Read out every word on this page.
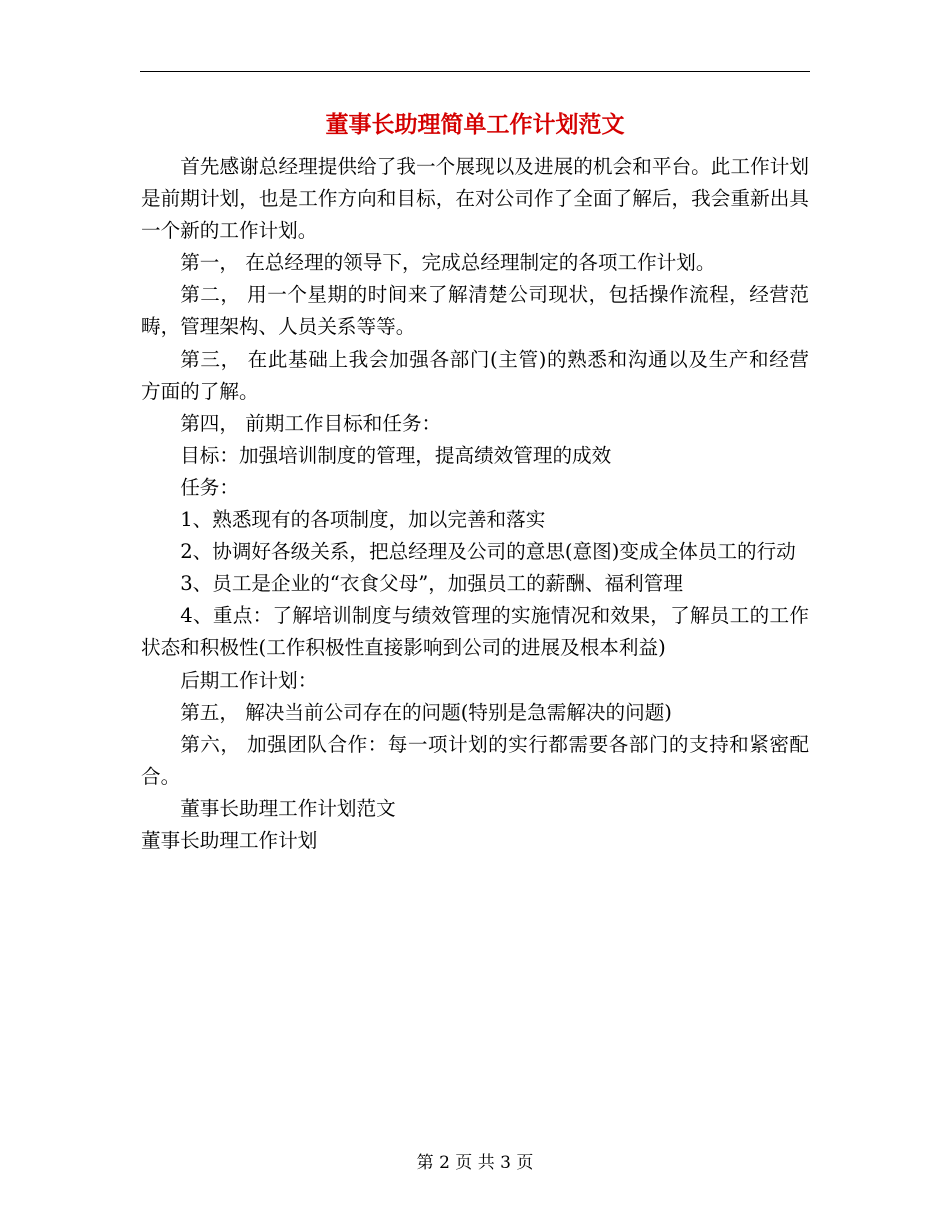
董事长助理简单工作计划范文

首先感谢总经理提供给了我一个展现以及进展的机会和平台。此工作计划是前期计划，也是工作方向和目标，在对公司作了全面了解后，我会重新出具一个新的工作计划。

第一， 在总经理的领导下，完成总经理制定的各项工作计划。

第二， 用一个星期的时间来了解清楚公司现状，包括操作流程，经营范畴，管理架构、人员关系等等。

第三， 在此基础上我会加强各部门(主管)的熟悉和沟通以及生产和经营方面的了解。

第四， 前期工作目标和任务：

目标：加强培训制度的管理，提高绩效管理的成效

任务：

1、熟悉现有的各项制度，加以完善和落实

2、协调好各级关系，把总经理及公司的意思(意图)变成全体员工的行动

3、员工是企业的“衣食父母”，加强员工的薪酬、福利管理

4、重点：了解培训制度与绩效管理的实施情况和效果，了解员工的工作状态和积极性(工作积极性直接影响到公司的进展及根本利益)

后期工作计划：

第五， 解决当前公司存在的问题(特别是急需解决的问题)

第六， 加强团队合作：每一项计划的实行都需要各部门的支持和紧密配合。

董事长助理工作计划范文

董事长助理工作计划

第 2 页 共 3 页
